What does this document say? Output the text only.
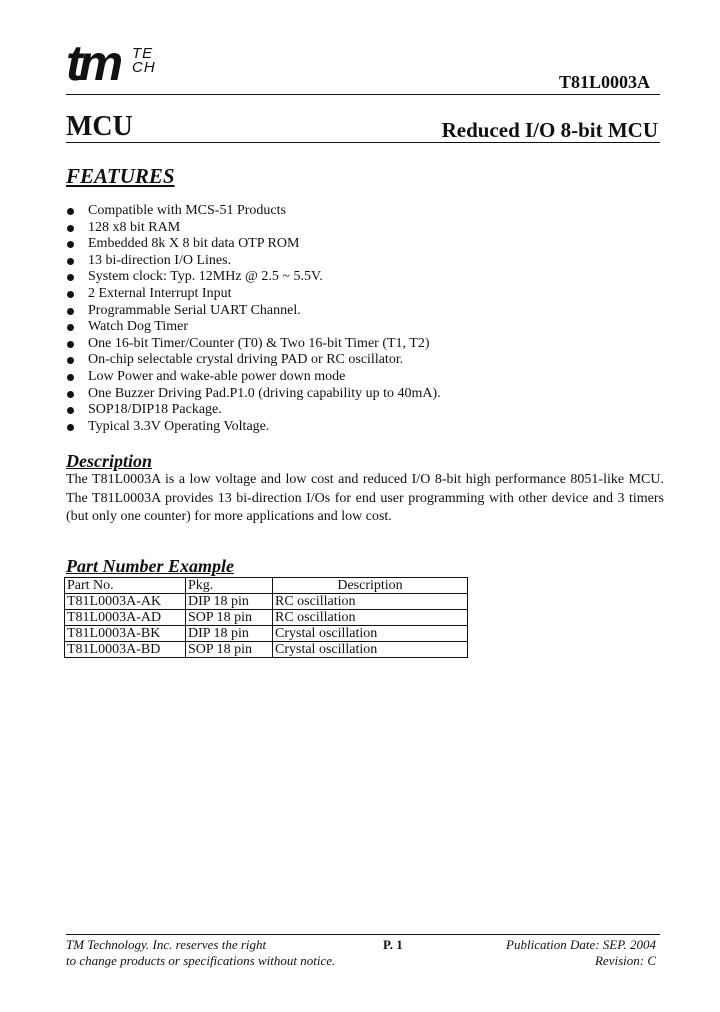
tm TE
CH
T81L0003A
MCU	Reduced I/O 8-bit MCU
FEATURES
Compatible with MCS-51 Products
128 x8 bit RAM
Embedded 8k X 8 bit data OTP ROM
13 bi-direction I/O Lines.
System clock: Typ. 12MHz @ 2.5 ~ 5.5V.
2 External Interrupt Input
Programmable Serial UART Channel.
Watch Dog Timer
One 16-bit Timer/Counter (T0) & Two 16-bit Timer (T1, T2)
On-chip selectable crystal driving PAD or RC oscillator.
Low Power and wake-able power down mode
One Buzzer Driving Pad.P1.0 (driving capability up to 40mA).
SOP18/DIP18 Package.
Typical 3.3V Operating Voltage.
Description

The T81L0003A is a low voltage and low cost and reduced I/O 8-bit high performance 8051-like MCU. The T81L0003A provides 13 bi-direction I/Os for end user programming with other device and 3 timers (but only one counter) for more applications and low cost.

Part Number Example
Part No.	Pkg.	Description
T81L0003A-AK	DIP 18 pin	RC oscillation
T81L0003A-AD	SOP 18 pin	RC oscillation
T81L0003A-BK	DIP 18 pin	Crystal oscillation
T81L0003A-BD	SOP 18 pin	Crystal oscillation
TM Technology. Inc. reserves the right
to change products or specifications without notice.
P. 1	Publication Date: SEP. 2004
Revision: C
